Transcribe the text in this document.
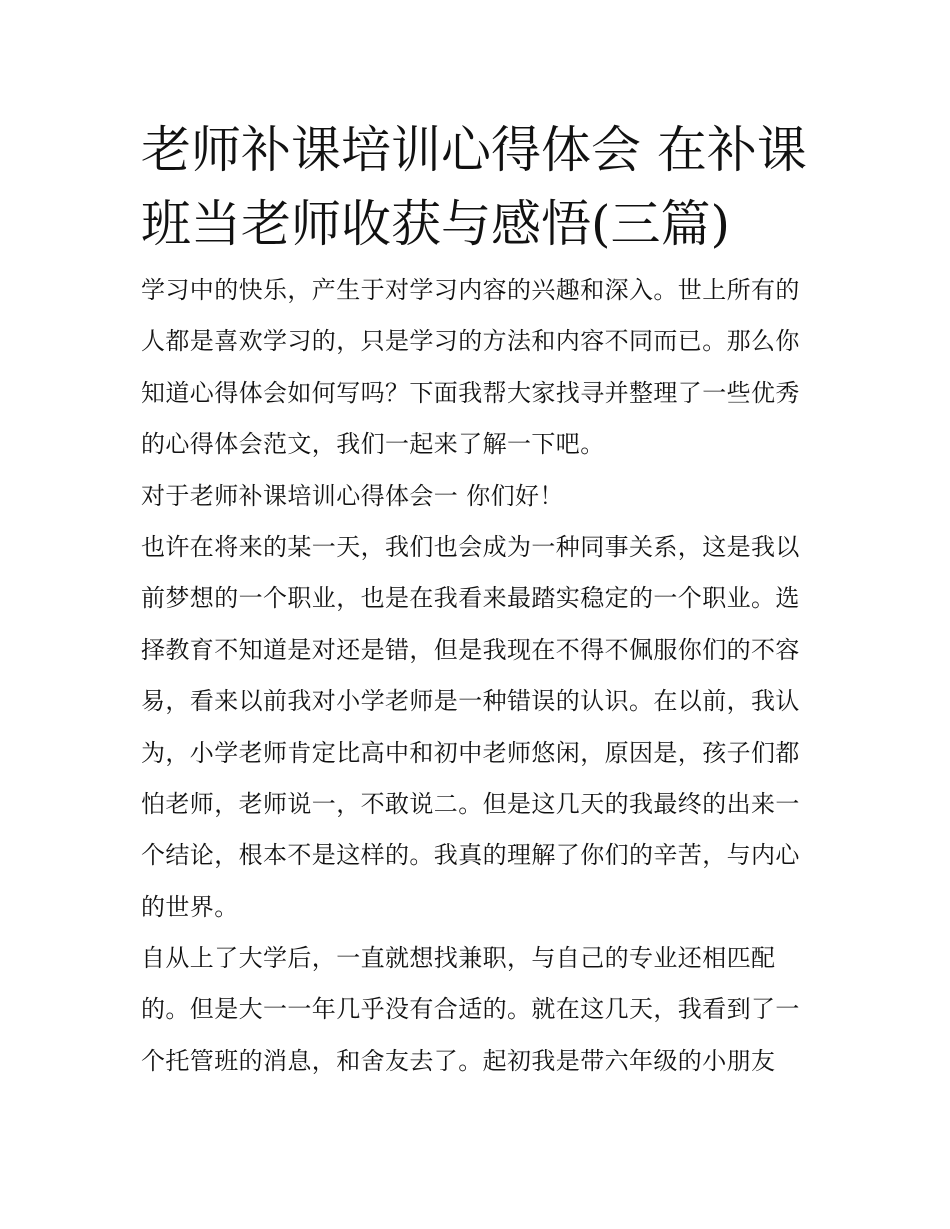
老师补课培训心得体会 在补课
班当老师收获与感悟(三篇)
学习中的快乐，产生于对学习内容的兴趣和深入。世上所有的
人都是喜欢学习的，只是学习的方法和内容不同而已。那么你
知道心得体会如何写吗？下面我帮大家找寻并整理了一些优秀
的心得体会范文，我们一起来了解一下吧。
对于老师补课培训心得体会一 你们好！
也许在将来的某一天，我们也会成为一种同事关系，这是我以
前梦想的一个职业，也是在我看来最踏实稳定的一个职业。选
择教育不知道是对还是错，但是我现在不得不佩服你们的不容
易，看来以前我对小学老师是一种错误的认识。在以前，我认
为，小学老师肯定比高中和初中老师悠闲，原因是，孩子们都
怕老师，老师说一，不敢说二。但是这几天的我最终的出来一
个结论，根本不是这样的。我真的理解了你们的辛苦，与内心
的世界。
自从上了大学后，一直就想找兼职，与自己的专业还相匹配
的。但是大一一年几乎没有合适的。就在这几天，我看到了一
个托管班的消息，和舍友去了。起初我是带六年级的小朋友
